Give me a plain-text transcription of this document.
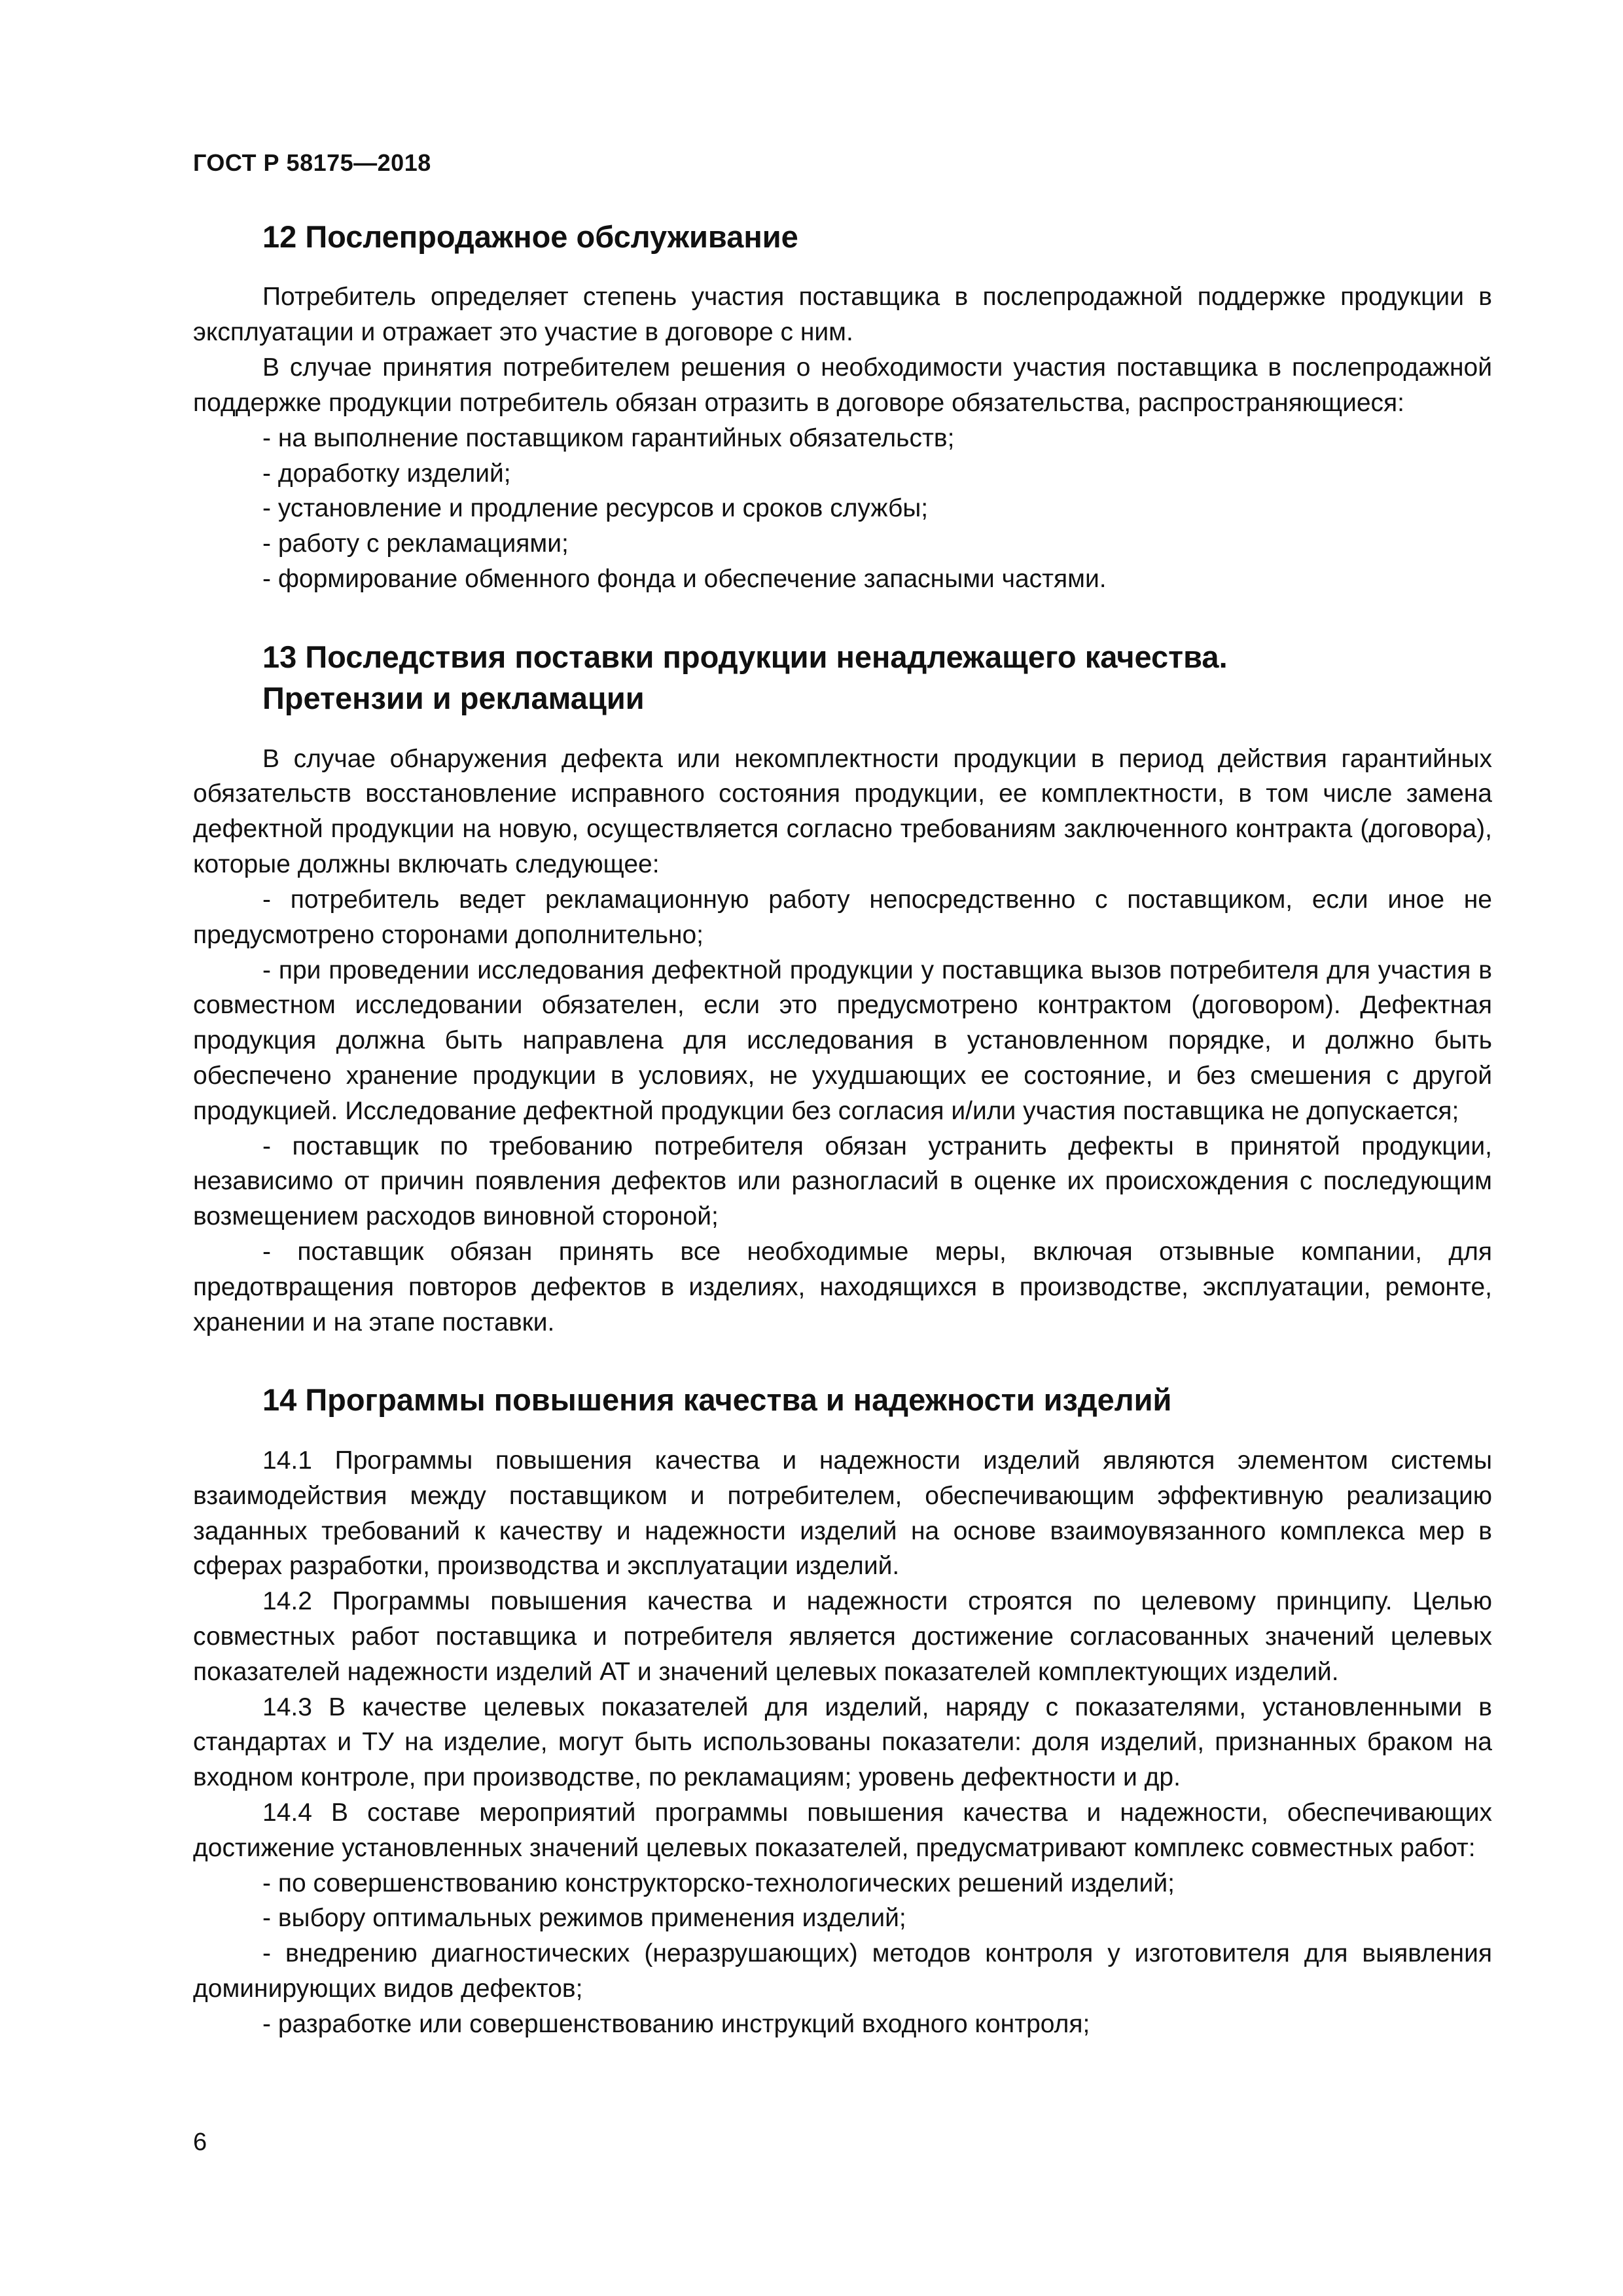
ГОСТ Р 58175—2018
12 Послепродажное обслуживание

Потребитель определяет степень участия поставщика в послепродажной поддержке продукции в эксплуатации и отражает это участие в договоре с ним.

В случае принятия потребителем решения о необходимости участия поставщика в послепродажной поддержке продукции потребитель обязан отразить в договоре обязательства, распространяющиеся:

- на выполнение поставщиком гарантийных обязательств;
- доработку изделий;
- установление и продление ресурсов и сроков службы;
- работу с рекламациями;
- формирование обменного фонда и обеспечение запасными частями.
13 Последствия поставки продукции ненадлежащего качества.
Претензии и рекламации

В случае обнаружения дефекта или некомплектности продукции в период действия гарантийных обязательств восстановление исправного состояния продукции, ее комплектности, в том числе замена дефектной продукции на новую, осуществляется согласно требованиям заключенного контракта (договора), которые должны включать следующее:

- потребитель ведет рекламационную работу непосредственно с поставщиком, если иное не предусмотрено сторонами дополнительно;
- при проведении исследования дефектной продукции у поставщика вызов потребителя для участия в совместном исследовании обязателен, если это предусмотрено контрактом (договором). Дефектная продукция должна быть направлена для исследования в установленном порядке, и должно быть обеспечено хранение продукции в условиях, не ухудшающих ее состояние, и без смешения с другой продукцией. Исследование дефектной продукции без согласия и/или участия поставщика не допускается;
- поставщик по требованию потребителя обязан устранить дефекты в принятой продукции, независимо от причин появления дефектов или разногласий в оценке их происхождения с последующим возмещением расходов виновной стороной;
- поставщик обязан принять все необходимые меры, включая отзывные компании, для предотвращения повторов дефектов в изделиях, находящихся в производстве, эксплуатации, ремонте, хранении и на этапе поставки.
14 Программы повышения качества и надежности изделий

14.1 Программы повышения качества и надежности изделий являются элементом системы взаимодействия между поставщиком и потребителем, обеспечивающим эффективную реализацию заданных требований к качеству и надежности изделий на основе взаимоувязанного комплекса мер в сферах разработки, производства и эксплуатации изделий.

14.2 Программы повышения качества и надежности строятся по целевому принципу. Целью совместных работ поставщика и потребителя является достижение согласованных значений целевых показателей надежности изделий АТ и значений целевых показателей комплектующих изделий.

14.3 В качестве целевых показателей для изделий, наряду с показателями, установленными в стандартах и ТУ на изделие, могут быть использованы показатели: доля изделий, признанных браком на входном контроле, при производстве, по рекламациям; уровень дефектности и др.

14.4 В составе мероприятий программы повышения качества и надежности, обеспечивающих достижение установленных значений целевых показателей, предусматривают комплекс совместных работ:

- по совершенствованию конструкторско-технологических решений изделий;
- выбору оптимальных режимов применения изделий;
- внедрению диагностических (неразрушающих) методов контроля у изготовителя для выявления доминирующих видов дефектов;
- разработке или совершенствованию инструкций входного контроля;
6
